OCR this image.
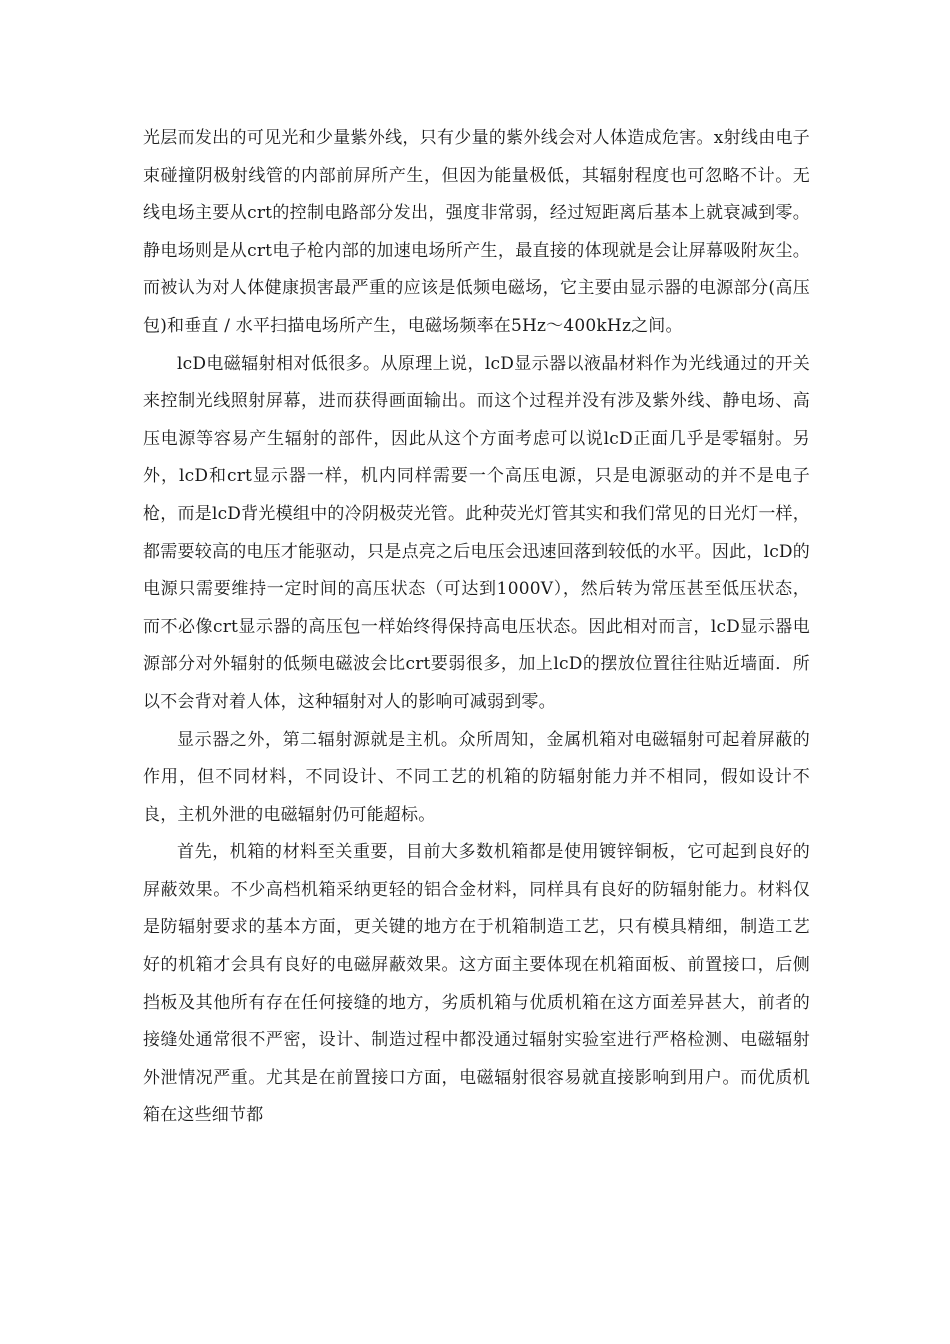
光层而发出的可见光和少量紫外线，只有少量的紫外线会对人体造成危害。x射线由电子束碰撞阴极射线管的内部前屏所产生，但因为能量极低，其辐射程度也可忽略不计。无线电场主要从crt的控制电路部分发出，强度非常弱，经过短距离后基本上就衰减到零。静电场则是从crt电子枪内部的加速电场所产生，最直接的体现就是会让屏幕吸附灰尘。而被认为对人体健康损害最严重的应该是低频电磁场，它主要由显示器的电源部分(高压包)和垂直 / 水平扫描电场所产生，电磁场频率在5Hz～400kHz之间。

lcD电磁辐射相对低很多。从原理上说，lcD显示器以液晶材料作为光线通过的开关来控制光线照射屏幕，进而获得画面输出。而这个过程并没有涉及紫外线、静电场、高压电源等容易产生辐射的部件，因此从这个方面考虑可以说lcD正面几乎是零辐射。另外，lcD和crt显示器一样，机内同样需要一个高压电源，只是电源驱动的并不是电子枪，而是lcD背光模组中的冷阴极荧光管。此种荧光灯管其实和我们常见的日光灯一样，都需要较高的电压才能驱动，只是点亮之后电压会迅速回落到较低的水平。因此，lcD的电源只需要维持一定时间的高压状态（可达到1000V），然后转为常压甚至低压状态，而不必像crt显示器的高压包一样始终得保持高电压状态。因此相对而言，lcD显示器电源部分对外辐射的低频电磁波会比crt要弱很多，加上lcD的摆放位置往往贴近墙面．所以不会背对着人体，这种辐射对人的影响可减弱到零。

显示器之外，第二辐射源就是主机。众所周知，金属机箱对电磁辐射可起着屏蔽的作用，但不同材料，不同设计、不同工艺的机箱的防辐射能力并不相同，假如设计不良，主机外泄的电磁辐射仍可能超标。

首先，机箱的材料至关重要，目前大多数机箱都是使用镀锌铜板，它可起到良好的屏蔽效果。不少高档机箱采纳更轻的铝合金材料，同样具有良好的防辐射能力。材料仅是防辐射要求的基本方面，更关键的地方在于机箱制造工艺，只有模具精细，制造工艺好的机箱才会具有良好的电磁屏蔽效果。这方面主要体现在机箱面板、前置接口，后侧挡板及其他所有存在任何接缝的地方，劣质机箱与优质机箱在这方面差异甚大，前者的接缝处通常很不严密，设计、制造过程中都没通过辐射实验室进行严格检测、电磁辐射外泄情况严重。尤其是在前置接口方面，电磁辐射很容易就直接影响到用户。而优质机箱在这些细节都
